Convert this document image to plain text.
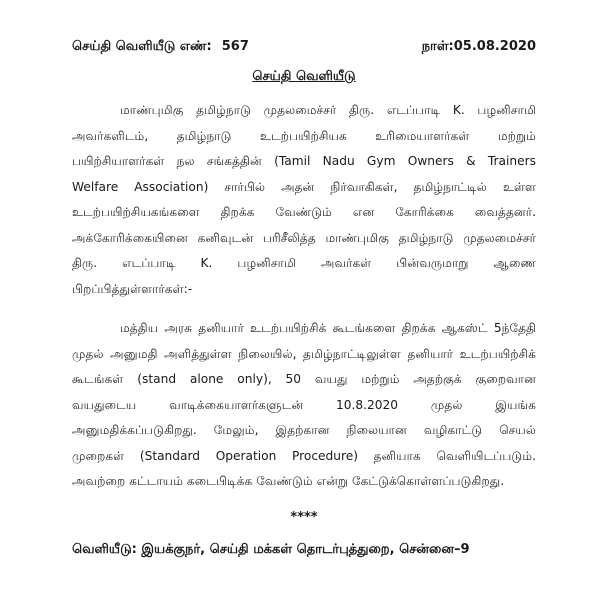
செய்தி வெளியீடு எண்: 567	நாள்:05.08.2020
செய்தி வெளியீடு
மாண்புமிகு தமிழ்நாடு முதலமைச்சர் திரு. எடப்பாடி K. பழனிசாமி
அவர்களிடம், தமிழ்நாடு உடற்பயிற்சியக உரிமையாளர்கள் மற்றும்
பயிற்சியாளர்கள் நல சங்கத்தின் (Tamil Nadu Gym Owners & Trainers
Welfare Association) சார்பில் அதன் நிர்வாகிகள், தமிழ்நாட்டில் உள்ள
உடற்பயிற்சியகங்களை திறக்க வேண்டும் என கோரிக்கை வைத்தனர்.
அக்கோரிக்கையினை கனிவுடன் பரிசீலித்த மாண்புமிகு தமிழ்நாடு முதலமைச்சர்
திரு. எடப்பாடி K. பழனிசாமி அவர்கள் பின்வருமாறு ஆணை
பிறப்பித்துள்ளார்கள்:-
மத்திய அரசு தனியார் உடற்பயிற்சிக் கூடங்களை திறக்க ஆகஸ்ட் 5ந்தேதி
முதல் அனுமதி அளித்துள்ள நிலையில், தமிழ்நாட்டிலுள்ள தனியார் உடற்பயிற்சிக்
கூடங்கள் (stand alone only), 50 வயது மற்றும் அதற்குக் குறைவான
வயதுடைய வாடிக்கையாளர்களுடன் 10.8.2020 முதல் இயங்க
அனுமதிக்கப்படுகிறது. மேலும், இதற்கான நிலையான வழிகாட்டு செயல்
முறைகள் (Standard Operation Procedure) தனியாக வெளியிடப்படும்.
அவற்றை கட்டாயம் கடைபிடிக்க வேண்டும் என்று கேட்டுக்கொள்ளப்படுகிறது.
****
வெளியீடு: இயக்குநர், செய்தி மக்கள் தொடர்புத்துறை, சென்னை–9
